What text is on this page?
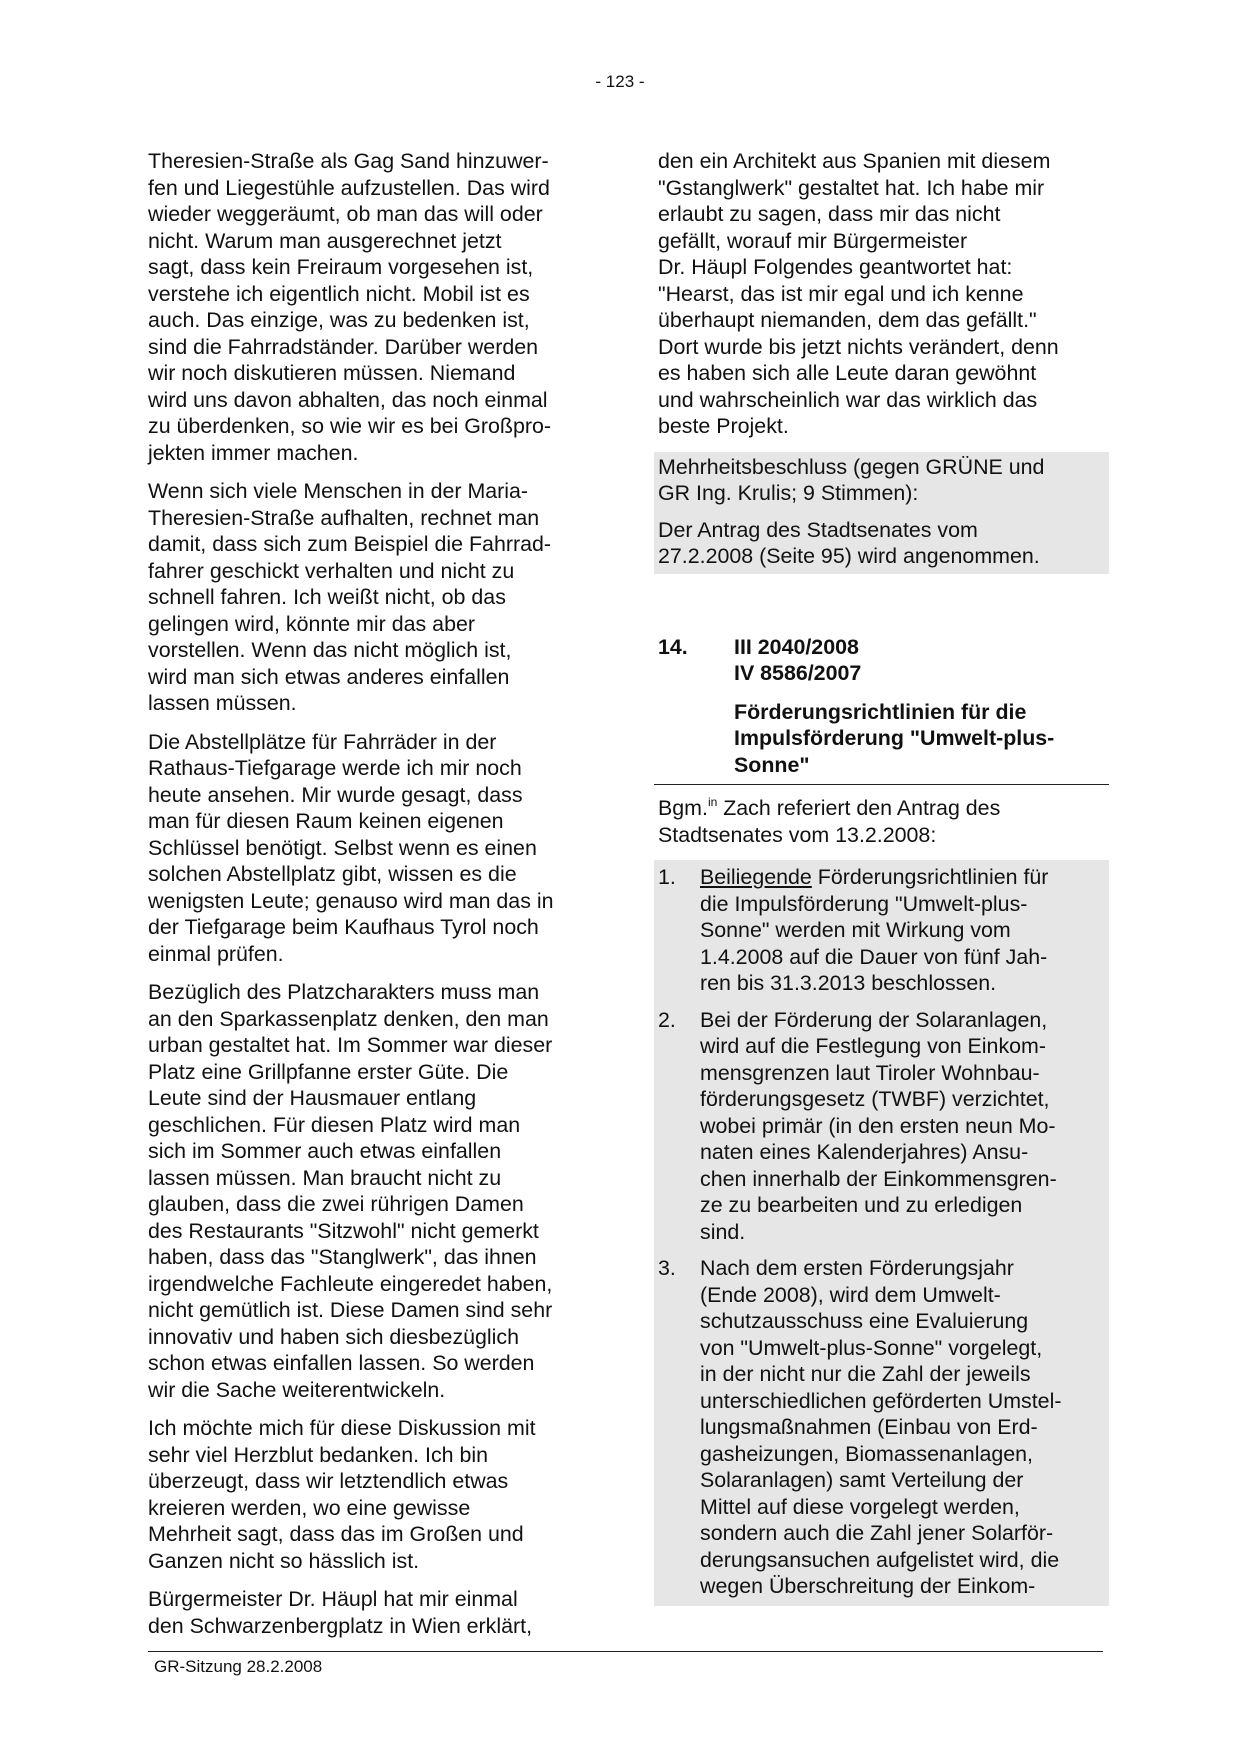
- 123 -

Theresien-Straße als Gag Sand hinzuwer-
fen und Liegestühle aufzustellen. Das wird
wieder weggeräumt, ob man das will oder
nicht. Warum man ausgerechnet jetzt
sagt, dass kein Freiraum vorgesehen ist,
verstehe ich eigentlich nicht. Mobil ist es
auch. Das einzige, was zu bedenken ist,
sind die Fahrradständer. Darüber werden
wir noch diskutieren müssen. Niemand
wird uns davon abhalten, das noch einmal
zu überdenken, so wie wir es bei Großpro-
jekten immer machen.

Wenn sich viele Menschen in der Maria-
Theresien-Straße aufhalten, rechnet man
damit, dass sich zum Beispiel die Fahrrad-
fahrer geschickt verhalten und nicht zu
schnell fahren. Ich weißt nicht, ob das
gelingen wird, könnte mir das aber
vorstellen. Wenn das nicht möglich ist,
wird man sich etwas anderes einfallen
lassen müssen.

Die Abstellplätze für Fahrräder in der
Rathaus-Tiefgarage werde ich mir noch
heute ansehen. Mir wurde gesagt, dass
man für diesen Raum keinen eigenen
Schlüssel benötigt. Selbst wenn es einen
solchen Abstellplatz gibt, wissen es die
wenigsten Leute; genauso wird man das in
der Tiefgarage beim Kaufhaus Tyrol noch
einmal prüfen.

Bezüglich des Platzcharakters muss man
an den Sparkassenplatz denken, den man
urban gestaltet hat. Im Sommer war dieser
Platz eine Grillpfanne erster Güte. Die
Leute sind der Hausmauer entlang
geschlichen. Für diesen Platz wird man
sich im Sommer auch etwas einfallen
lassen müssen. Man braucht nicht zu
glauben, dass die zwei rührigen Damen
des Restaurants "Sitzwohl" nicht gemerkt
haben, dass das "Stanglwerk", das ihnen
irgendwelche Fachleute eingeredet haben,
nicht gemütlich ist. Diese Damen sind sehr
innovativ und haben sich diesbezüglich
schon etwas einfallen lassen. So werden
wir die Sache weiterentwickeln.

Ich möchte mich für diese Diskussion mit
sehr viel Herzblut bedanken. Ich bin
überzeugt, dass wir letztendlich etwas
kreieren werden, wo eine gewisse
Mehrheit sagt, dass das im Großen und
Ganzen nicht so hässlich ist.

Bürgermeister Dr. Häupl hat mir einmal
den Schwarzenbergplatz in Wien erklärt,

den ein Architekt aus Spanien mit diesem
"Gstanglwerk" gestaltet hat. Ich habe mir
erlaubt zu sagen, dass mir das nicht
gefällt, worauf mir Bürgermeister
Dr. Häupl Folgendes geantwortet hat:
"Hearst, das ist mir egal und ich kenne
überhaupt niemanden, dem das gefällt."
Dort wurde bis jetzt nichts verändert, denn
es haben sich alle Leute daran gewöhnt
und wahrscheinlich war das wirklich das
beste Projekt.

Mehrheitsbeschluss (gegen GRÜNE und
GR Ing. Krulis; 9 Stimmen):

Der Antrag des Stadtsenates vom
27.2.2008 (Seite 95) wird angenommen.

14. III 2040/2008
IV 8586/2007
Förderungsrichtlinien für die
Impulsförderung "Umwelt-plus-
Sonne"

Bgm.$^{in}$ Zach referiert den Antrag des
Stadtsenates vom 13.2.2008:

1. Beiliegende Förderungsrichtlinien für
die Impulsförderung "Umwelt-plus-
Sonne" werden mit Wirkung vom
1.4.2008 auf die Dauer von fünf Jah-
ren bis 31.3.2013 beschlossen.
2. Bei der Förderung der Solaranlagen,
wird auf die Festlegung von Einkom-
mensgrenzen laut Tiroler Wohnbau-
förderungsgesetz (TWBF) verzichtet,
wobei primär (in den ersten neun Mo-
naten eines Kalenderjahres) Ansu-
chen innerhalb der Einkommensgren-
ze zu bearbeiten und zu erledigen
sind.
3. Nach dem ersten Förderungsjahr
(Ende 2008), wird dem Umwelt-
schutzausschuss eine Evaluierung
von "Umwelt-plus-Sonne" vorgelegt,
in der nicht nur die Zahl der jeweils
unterschiedlichen geförderten Umstel-
lungsmaßnahmen (Einbau von Erd-
gasheizungen, Biomassenanlagen,
Solaranlagen) samt Verteilung der
Mittel auf diese vorgelegt werden,
sondern auch die Zahl jener Solarför-
derungsansuchen aufgelistet wird, die
wegen Überschreitung der Einkom-
GR-Sitzung 28.2.2008
